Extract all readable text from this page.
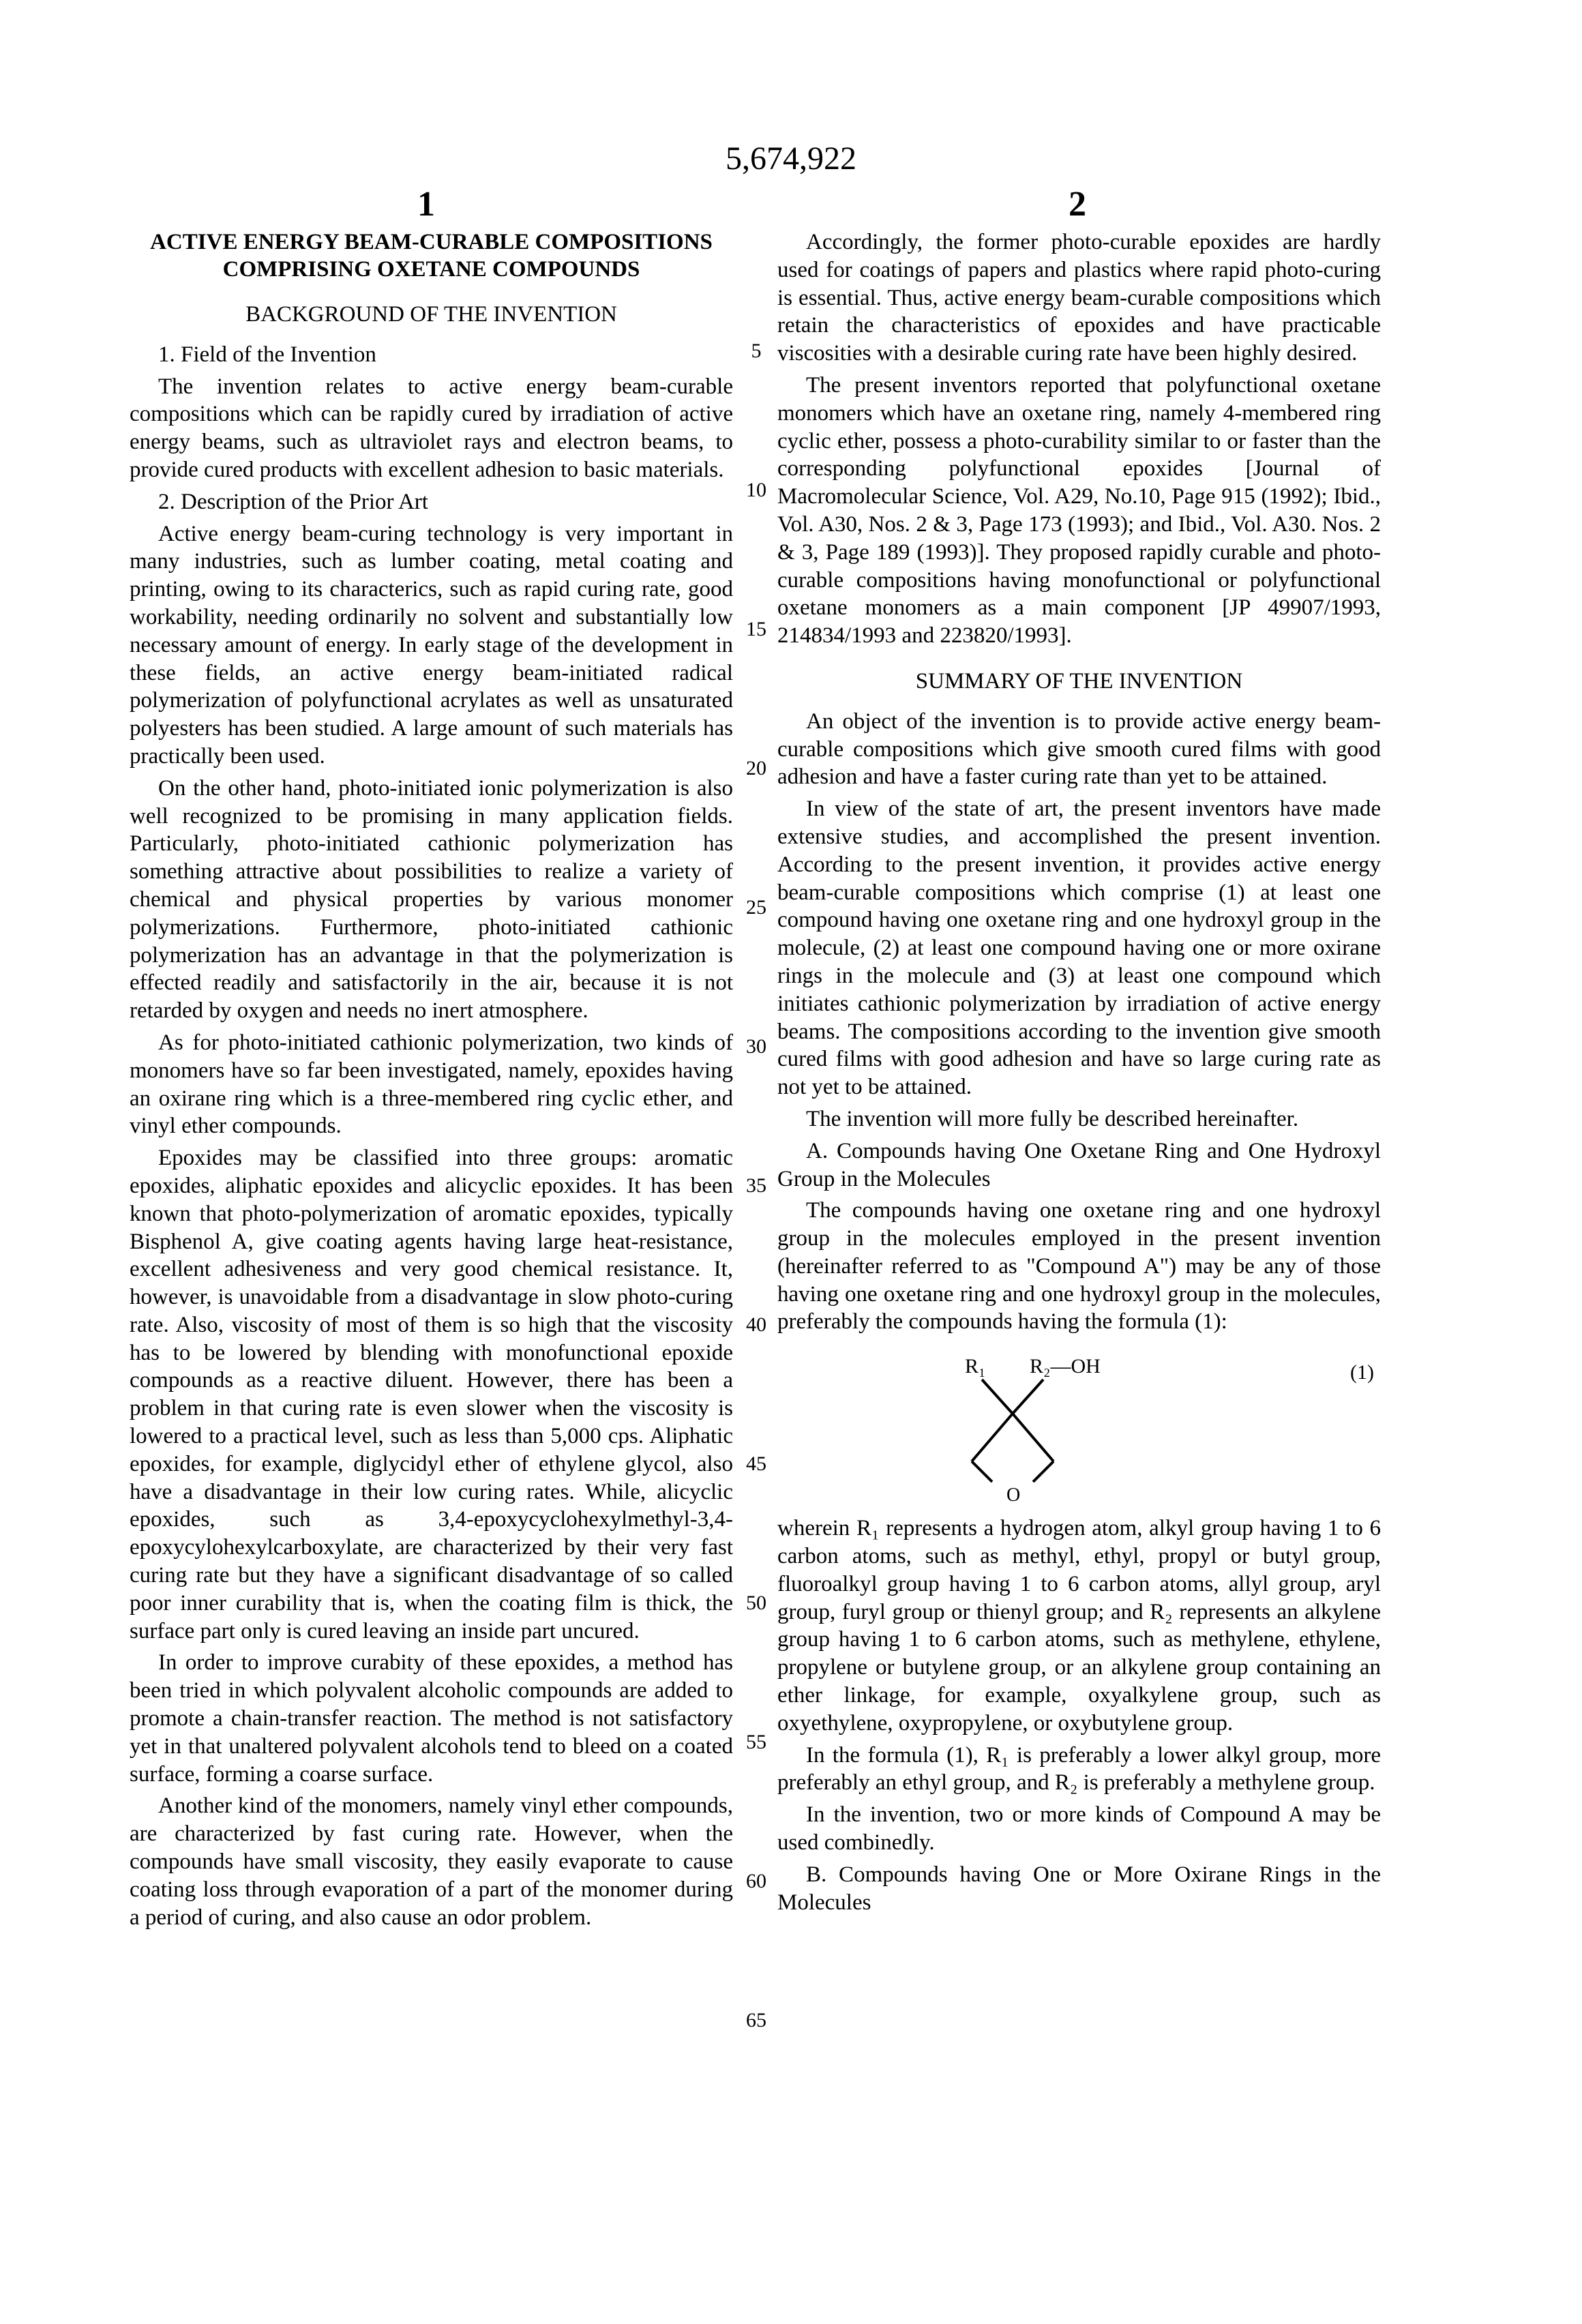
5,674,922
1	2
ACTIVE ENERGY BEAM-CURABLE COMPOSITIONS COMPRISING OXETANE COMPOUNDS
BACKGROUND OF THE INVENTION
1. Field of the Invention

The invention relates to active energy beam-curable compositions which can be rapidly cured by irradiation of active energy beams, such as ultraviolet rays and electron beams, to provide cured products with excellent adhesion to basic materials.

2. Description of the Prior Art

Active energy beam-curing technology is very important in many industries, such as lumber coating, metal coating and printing, owing to its characterics, such as rapid curing rate, good workability, needing ordinarily no solvent and substantially low necessary amount of energy. In early stage of the development in these fields, an active energy beam-initiated radical polymerization of polyfunctional acrylates as well as unsaturated polyesters has been studied. A large amount of such materials has practically been used.

On the other hand, photo-initiated ionic polymerization is also well recognized to be promising in many application fields. Particularly, photo-initiated cathionic polymerization has something attractive about possibilities to realize a variety of chemical and physical properties by various monomer polymerizations. Furthermore, photo-initiated cathionic polymerization has an advantage in that the polymerization is effected readily and satisfactorily in the air, because it is not retarded by oxygen and needs no inert atmosphere.

As for photo-initiated cathionic polymerization, two kinds of monomers have so far been investigated, namely, epoxides having an oxirane ring which is a three-membered ring cyclic ether, and vinyl ether compounds.

Epoxides may be classified into three groups: aromatic epoxides, aliphatic epoxides and alicyclic epoxides. It has been known that photo-polymerization of aromatic epoxides, typically Bisphenol A, give coating agents having large heat-resistance, excellent adhesiveness and very good chemical resistance. It, however, is unavoidable from a disadvantage in slow photo-curing rate. Also, viscosity of most of them is so high that the viscosity has to be lowered by blending with monofunctional epoxide compounds as a reactive diluent. However, there has been a problem in that curing rate is even slower when the viscosity is lowered to a practical level, such as less than 5,000 cps. Aliphatic epoxides, for example, diglycidyl ether of ethylene glycol, also have a disadvantage in their low curing rates. While, alicyclic epoxides, such as 3,4-epoxycyclohexylmethyl-3,4-epoxycylohexylcarboxylate, are characterized by their very fast curing rate but they have a significant disadvantage of so called poor inner curability that is, when the coating film is thick, the surface part only is cured leaving an inside part uncured.

In order to improve curabity of these epoxides, a method has been tried in which polyvalent alcoholic compounds are added to promote a chain-transfer reaction. The method is not satisfactory yet in that unaltered polyvalent alcohols tend to bleed on a coated surface, forming a coarse surface.

Another kind of the monomers, namely vinyl ether compounds, are characterized by fast curing rate. However, when the compounds have small viscosity, they easily evaporate to cause coating loss through evaporation of a part of the monomer during a period of curing, and also cause an odor problem.

Accordingly, the former photo-curable epoxides are hardly used for coatings of papers and plastics where rapid photo-curing is essential. Thus, active energy beam-curable compositions which retain the characteristics of epoxides and have practicable viscosities with a desirable curing rate have been highly desired.

The present inventors reported that polyfunctional oxetane monomers which have an oxetane ring, namely 4-membered ring cyclic ether, possess a photo-curability similar to or faster than the corresponding polyfunctional epoxides [Journal of Macromolecular Science, Vol. A29, No.10, Page 915 (1992); Ibid., Vol. A30, Nos. 2 & 3, Page 173 (1993); and Ibid., Vol. A30. Nos. 2 & 3, Page 189 (1993)]. They proposed rapidly curable and photo-curable compositions having monofunctional or polyfunctional oxetane monomers as a main component [JP 49907/1993, 214834/1993 and 223820/1993].

SUMMARY OF THE INVENTION

An object of the invention is to provide active energy beam-curable compositions which give smooth cured films with good adhesion and have a faster curing rate than yet to be attained.

In view of the state of art, the present inventors have made extensive studies, and accomplished the present invention. According to the present invention, it provides active energy beam-curable compositions which comprise (1) at least one compound having one oxetane ring and one hydroxyl group in the molecule, (2) at least one compound having one or more oxirane rings in the molecule and (3) at least one compound which initiates cathionic polymerization by irradiation of active energy beams. The compositions according to the invention give smooth cured films with good adhesion and have so large curing rate as not yet to be attained.

The invention will more fully be described hereinafter.

A. Compounds having One Oxetane Ring and One Hydroxyl Group in the Molecules

The compounds having one oxetane ring and one hydroxyl group in the molecules employed in the present invention (hereinafter referred to as "Compound A") may be any of those having one oxetane ring and one hydroxyl group in the molecules, preferably the compounds having the formula (1):

R₁ R₂—OH
O
(1)

wherein R₁ represents a hydrogen atom, alkyl group having 1 to 6 carbon atoms, such as methyl, ethyl, propyl or butyl group, fluoroalkyl group having 1 to 6 carbon atoms, allyl group, aryl group, furyl group or thienyl group; and R₂ represents an alkylene group having 1 to 6 carbon atoms, such as methylene, ethylene, propylene or butylene group, or an alkylene group containing an ether linkage, for example, oxyalkylene group, such as oxyethylene, oxypropylene, or oxybutylene group.

In the formula (1), R₁ is preferably a lower alkyl group, more preferably an ethyl group, and R₂ is preferably a methylene group.

In the invention, two or more kinds of Compound A may be used combinedly.

B. Compounds having One or More Oxirane Rings in the Molecules

5
10
15
20
25
30
35
40
45
50
55
60
65
